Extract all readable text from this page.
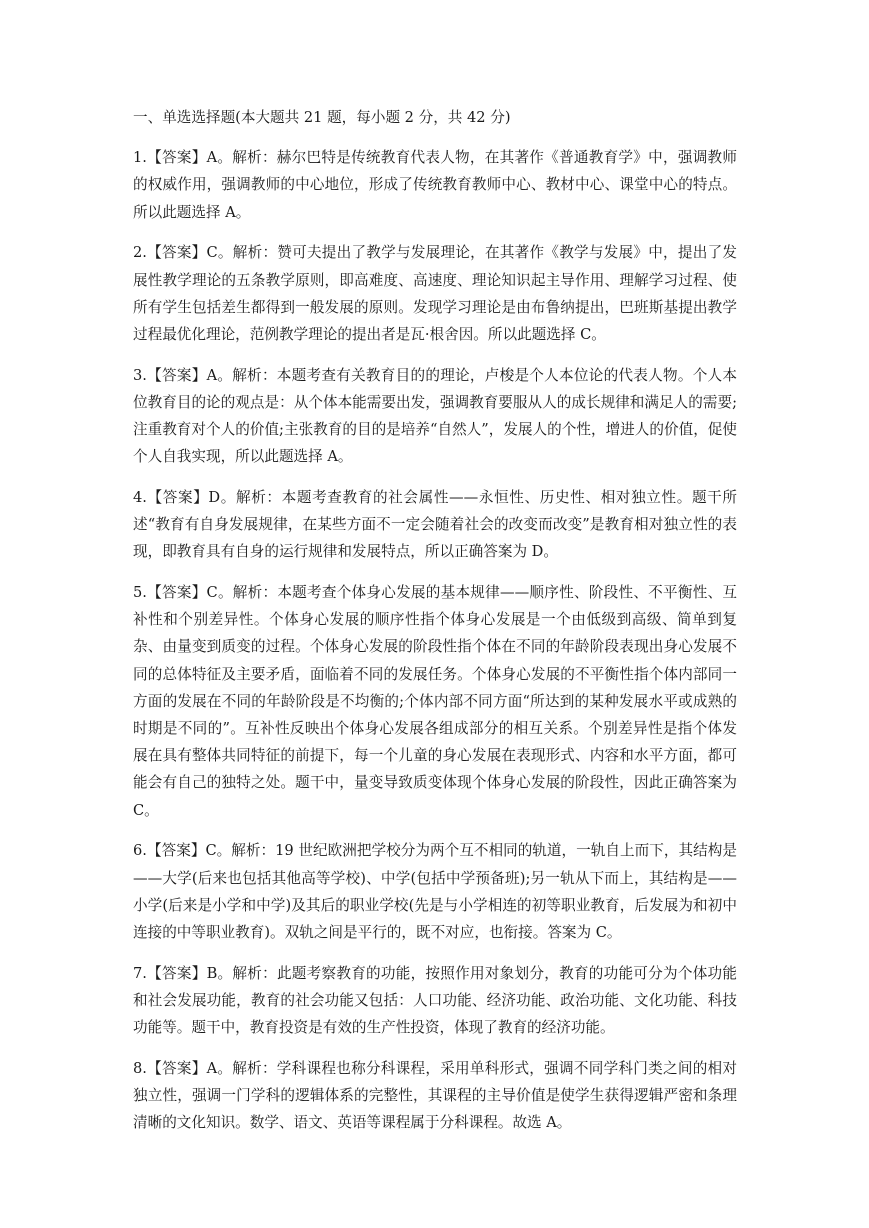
一、单选选择题(本大题共 21 题，每小题 2 分，共 42 分)

1.【答案】A。解析：赫尔巴特是传统教育代表人物，在其著作《普通教育学》中，强调教师的权威作用，强调教师的中心地位，形成了传统教育教师中心、教材中心、课堂中心的特点。所以此题选择 A。

2.【答案】C。解析：赞可夫提出了教学与发展理论，在其著作《教学与发展》中，提出了发展性教学理论的五条教学原则，即高难度、高速度、理论知识起主导作用、理解学习过程、使所有学生包括差生都得到一般发展的原则。发现学习理论是由布鲁纳提出，巴班斯基提出教学过程最优化理论，范例教学理论的提出者是瓦·根舍因。所以此题选择 C。

3.【答案】A。解析：本题考查有关教育目的的理论，卢梭是个人本位论的代表人物。个人本位教育目的论的观点是：从个体本能需要出发，强调教育要服从人的成长规律和满足人的需要;注重教育对个人的价值;主张教育的目的是培养“自然人”，发展人的个性，增进人的价值，促使个人自我实现，所以此题选择 A。

4.【答案】D。解析：本题考查教育的社会属性——永恒性、历史性、相对独立性。题干所述“教育有自身发展规律，在某些方面不一定会随着社会的改变而改变”是教育相对独立性的表现，即教育具有自身的运行规律和发展特点，所以正确答案为 D。

5.【答案】C。解析：本题考查个体身心发展的基本规律——顺序性、阶段性、不平衡性、互补性和个别差异性。个体身心发展的顺序性指个体身心发展是一个由低级到高级、简单到复杂、由量变到质变的过程。个体身心发展的阶段性指个体在不同的年龄阶段表现出身心发展不同的总体特征及主要矛盾，面临着不同的发展任务。个体身心发展的不平衡性指个体内部同一方面的发展在不同的年龄阶段是不均衡的;个体内部不同方面“所达到的某种发展水平或成熟的时期是不同的”。互补性反映出个体身心发展各组成部分的相互关系。个别差异性是指个体发展在具有整体共同特征的前提下，每一个儿童的身心发展在表现形式、内容和水平方面，都可能会有自己的独特之处。题干中，量变导致质变体现个体身心发展的阶段性，因此正确答案为 C。

6.【答案】C。解析：19 世纪欧洲把学校分为两个互不相同的轨道，一轨自上而下，其结构是——大学(后来也包括其他高等学校)、中学(包括中学预备班);另一轨从下而上，其结构是——小学(后来是小学和中学)及其后的职业学校(先是与小学相连的初等职业教育，后发展为和初中连接的中等职业教育)。双轨之间是平行的，既不对应，也衔接。答案为 C。

7.【答案】B。解析：此题考察教育的功能，按照作用对象划分，教育的功能可分为个体功能和社会发展功能，教育的社会功能又包括：人口功能、经济功能、政治功能、文化功能、科技功能等。题干中，教育投资是有效的生产性投资，体现了教育的经济功能。

8.【答案】A。解析：学科课程也称分科课程，采用单科形式，强调不同学科门类之间的相对独立性，强调一门学科的逻辑体系的完整性，其课程的主导价值是使学生获得逻辑严密和条理清晰的文化知识。数学、语文、英语等课程属于分科课程。故选 A。
